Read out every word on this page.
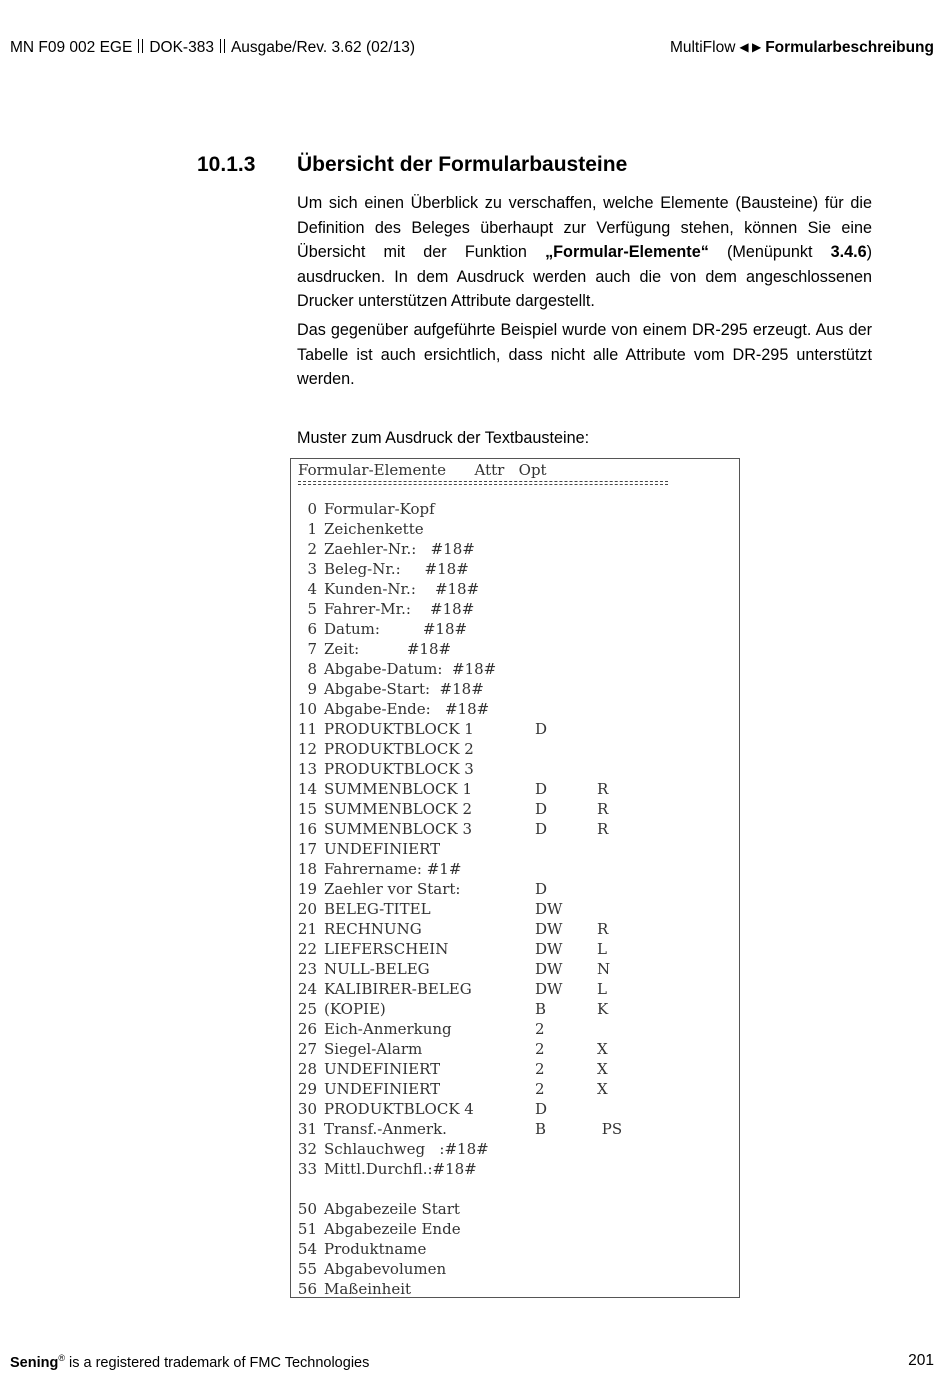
MN F09 002 EGE DOK-383 Ausgabe/Rev. 3.62 (02/13)	MultiFlow ◀ ▶ Formularbeschreibung
10.1.3 Übersicht der Formularbausteine
Um sich einen Überblick zu verschaffen, welche Elemente (Bausteine) für die Definition des Beleges überhaupt zur Verfügung stehen, können Sie eine Übersicht mit der Funktion „Formular-Elemente“ (Menüpunkt 3.4.6) ausdrucken. In dem Ausdruck werden auch die von dem angeschlossenen Drucker unterstützen Attribute dargestellt.
Das gegenüber aufgeführte Beispiel wurde von einem DR-295 erzeugt. Aus der Tabelle ist auch ersichtlich, dass nicht alle Attribute vom DR-295 unterstützt werden.
Muster zum Ausdruck der Textbausteine:
Formular-Elemente      Attr   Opt
0 Formular-Kopf
1 Zeichenkette
2 Zaehler-Nr.:   #18#
3 Beleg-Nr.:     #18#
4 Kunden-Nr.:    #18#
5 Fahrer-Mr.:    #18#
6 Datum:         #18#
7 Zeit:          #18#
8 Abgabe-Datum:  #18#
9 Abgabe-Start:  #18#
10 Abgabe-Ende:   #18#
11 PRODUKTBLOCK 1	D
12 PRODUKTBLOCK 2
13 PRODUKTBLOCK 3
14 SUMMENBLOCK 1	D	R
15 SUMMENBLOCK 2	D	R
16 SUMMENBLOCK 3	D	R
17 UNDEFINIERT
18 Fahrername: #1#
19 Zaehler vor Start:	D
20 BELEG-TITEL	DW
21 RECHNUNG	DW R
22 LIEFERSCHEIN	DW L
23 NULL-BELEG	DW N
24 KALIBIRER-BELEG	DW L
25 (KOPIE)	B	K
26 Eich-Anmerkung	2
27 Siegel-Alarm	2	X
28 UNDEFINIERT	2	X
29 UNDEFINIERT	2	X
30 PRODUKTBLOCK 4	D
31 Transf.-Anmerk.	B	PS
32 Schlauchweg   :#18#
33 Mittl.Durchfl.:#18#
50 Abgabezeile Start
51 Abgabezeile Ende
54 Produktname
55 Abgabevolumen
56 Maßeinheit
Sening® is a registered trademark of FMC Technologies	201
